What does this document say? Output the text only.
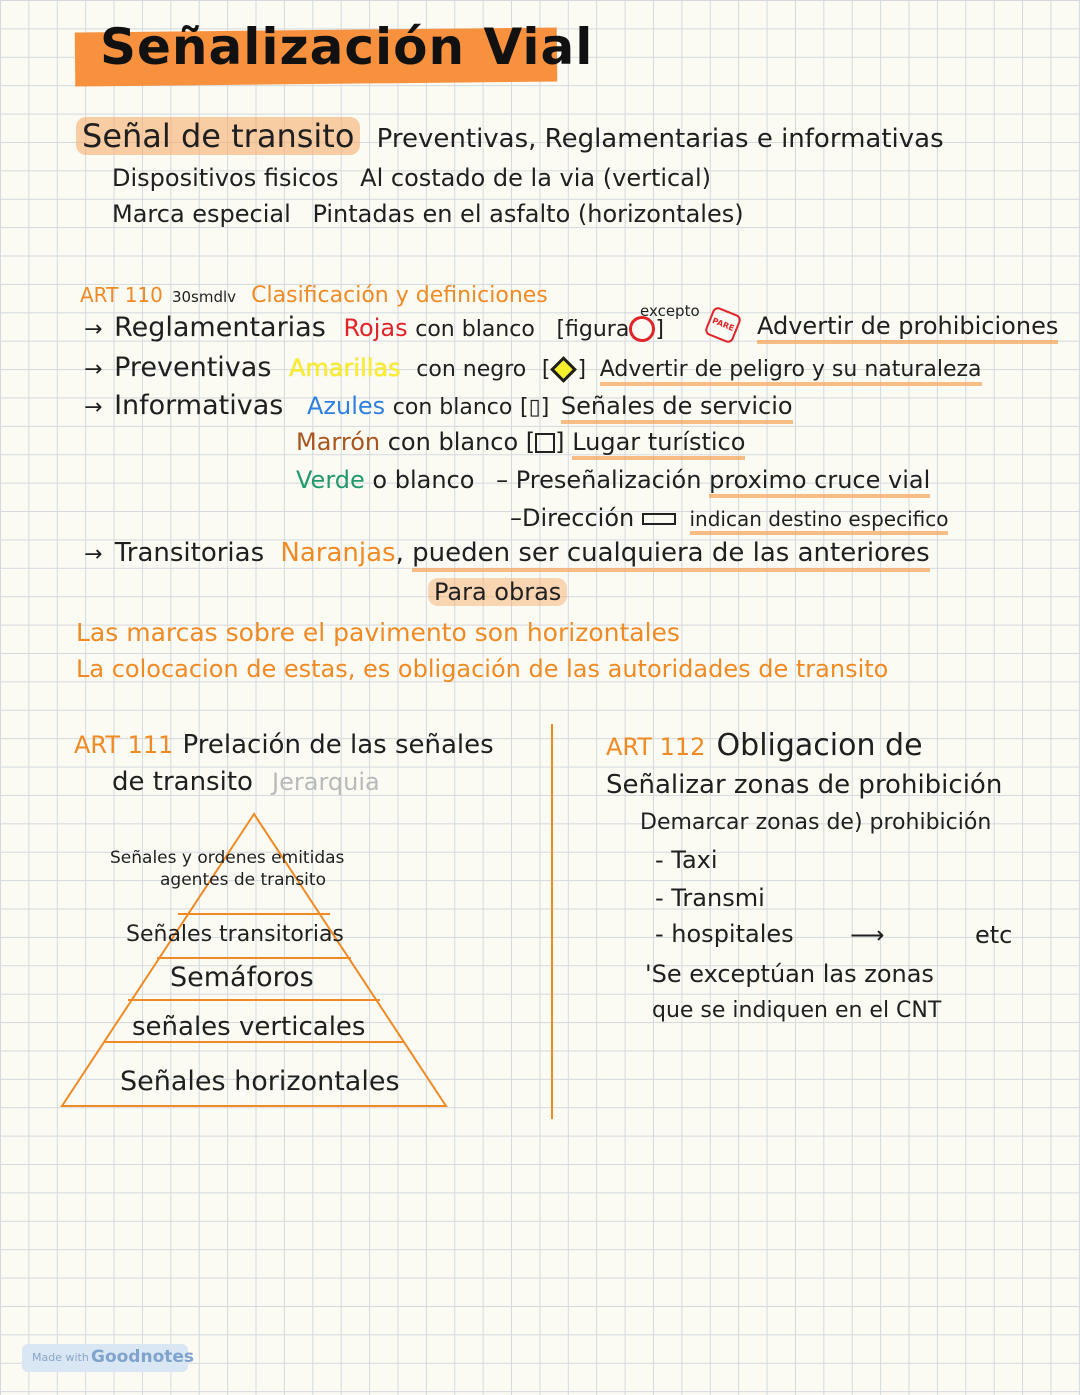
Señalización Vial
Señal de transito Preventivas, Reglamentarias e informativas
Dispositivos fisicos Al costado de la via (vertical)
Marca especial Pintadas en el asfalto (horizontales)
ART 110 30smdlv Clasificación y definiciones
excepto
PARE
→ Reglamentarias Rojas con blanco [figura ]	Advertir de prohibiciones
→ Preventivas Amarillas con negro [ ] Advertir de peligro y su naturaleza
→ Informativas Azules con blanco [▯] Señales de servicio
Marrón con blanco [ ] Lugar turístico
Verde o blanco – Preseñalización proximo cruce vial
–Dirección	indican destino especifico
→ Transitorias Naranjas, pueden ser cualquiera de las anteriores
Para obras
Las marcas sobre el pavimento son horizontales
La colocacion de estas, es obligación de las autoridades de transito
ART 111 Prelación de las señales
de transito Jerarquia
Señales y ordenes emitidas
agentes de transito
Señales transitorias
Semáforos
señales verticales
Señales horizontales
ART 112 Obligacion de
Señalizar zonas de prohibición
Demarcar zonas de) prohibición
- Taxi
- Transmi
- hospitales ⟶	etc
'Se exceptúan las zonas
que se indiquen en el CNT
Made with Goodnotes
